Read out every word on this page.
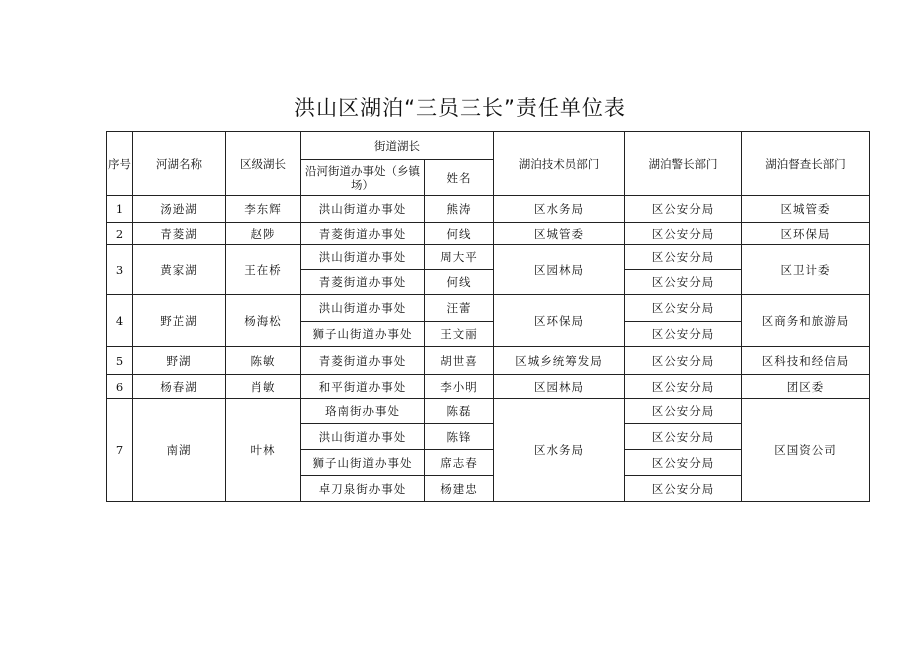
洪山区湖泊“三员三长”责任单位表
序号	河湖名称	区级湖长	街道湖长		湖泊技术员部门	湖泊警长部门	湖泊督查长部门
			沿河街道办事处（乡镇场）	姓名			
1	汤逊湖	李东辉	洪山街道办事处	熊涛	区水务局	区公安分局	区城管委
2	青菱湖	赵陟	青菱街道办事处	何线	区城管委	区公安分局	区环保局
3	黄家湖	王在桥	洪山街道办事处	周大平	区园林局	区公安分局	区卫计委
			青菱街道办事处	何线		区公安分局	
4	野芷湖	杨海松	洪山街道办事处	汪蕾	区环保局	区公安分局	区商务和旅游局
			狮子山街道办事处	王文丽		区公安分局	
5	野湖	陈敏	青菱街道办事处	胡世喜	区城乡统筹发局	区公安分局	区科技和经信局
6	杨春湖	肖敏	和平街道办事处	李小明	区园林局	区公安分局	团区委
7	南湖	叶林	珞南街办事处	陈磊	区水务局	区公安分局	区国资公司
			洪山街道办事处	陈锋		区公安分局	
			狮子山街道办事处	席志春		区公安分局	
			卓刀泉街办事处	杨建忠		区公安分局	
